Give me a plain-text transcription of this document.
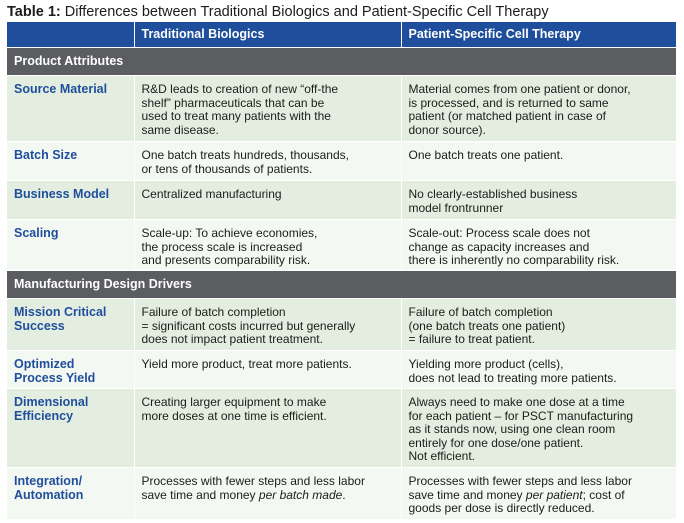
Table 1: Differences between Traditional Biologics and Patient-Specific Cell Therapy
	Traditional Biologics	Patient-Specific Cell Therapy
Product Attributes		

Source Material	R&D leads to creation of new “off-the
shelf” pharmaceuticals that can be
used to treat many patients with the
same disease.	Material comes from one patient or donor,
is processed, and is returned to same
patient (or matched patient in case of
donor source).

Batch Size	One batch treats hundreds, thousands,
or tens of thousands of patients.	One batch treats one patient.

Business Model	Centralized manufacturing	No clearly-established business
model frontrunner

Scaling	Scale-up: To achieve economies,
the process scale is increased
and presents comparability risk.	Scale-out: Process scale does not
change as capacity increases and
there is inherently no comparability risk.

Manufacturing Design Drivers		

Mission Critical
Success	Failure of batch completion
= significant costs incurred but generally
does not impact patient treatment.	Failure of batch completion
(one batch treats one patient)
= failure to treat patient.

Optimized
Process Yield	Yield more product, treat more patients.	Yielding more product (cells),
does not lead to treating more patients.

Dimensional
Efficiency	Creating larger equipment to make
more doses at one time is efficient.	Always need to make one dose at a time
for each patient – for PSCT manufacturing
as it stands now, using one clean room
entirely for one dose/one patient.
Not efficient.

Integration/
Automation	Processes with fewer steps and less labor
save time and money per batch made.	Processes with fewer steps and less labor
save time and money per patient; cost of
goods per dose is directly reduced.
